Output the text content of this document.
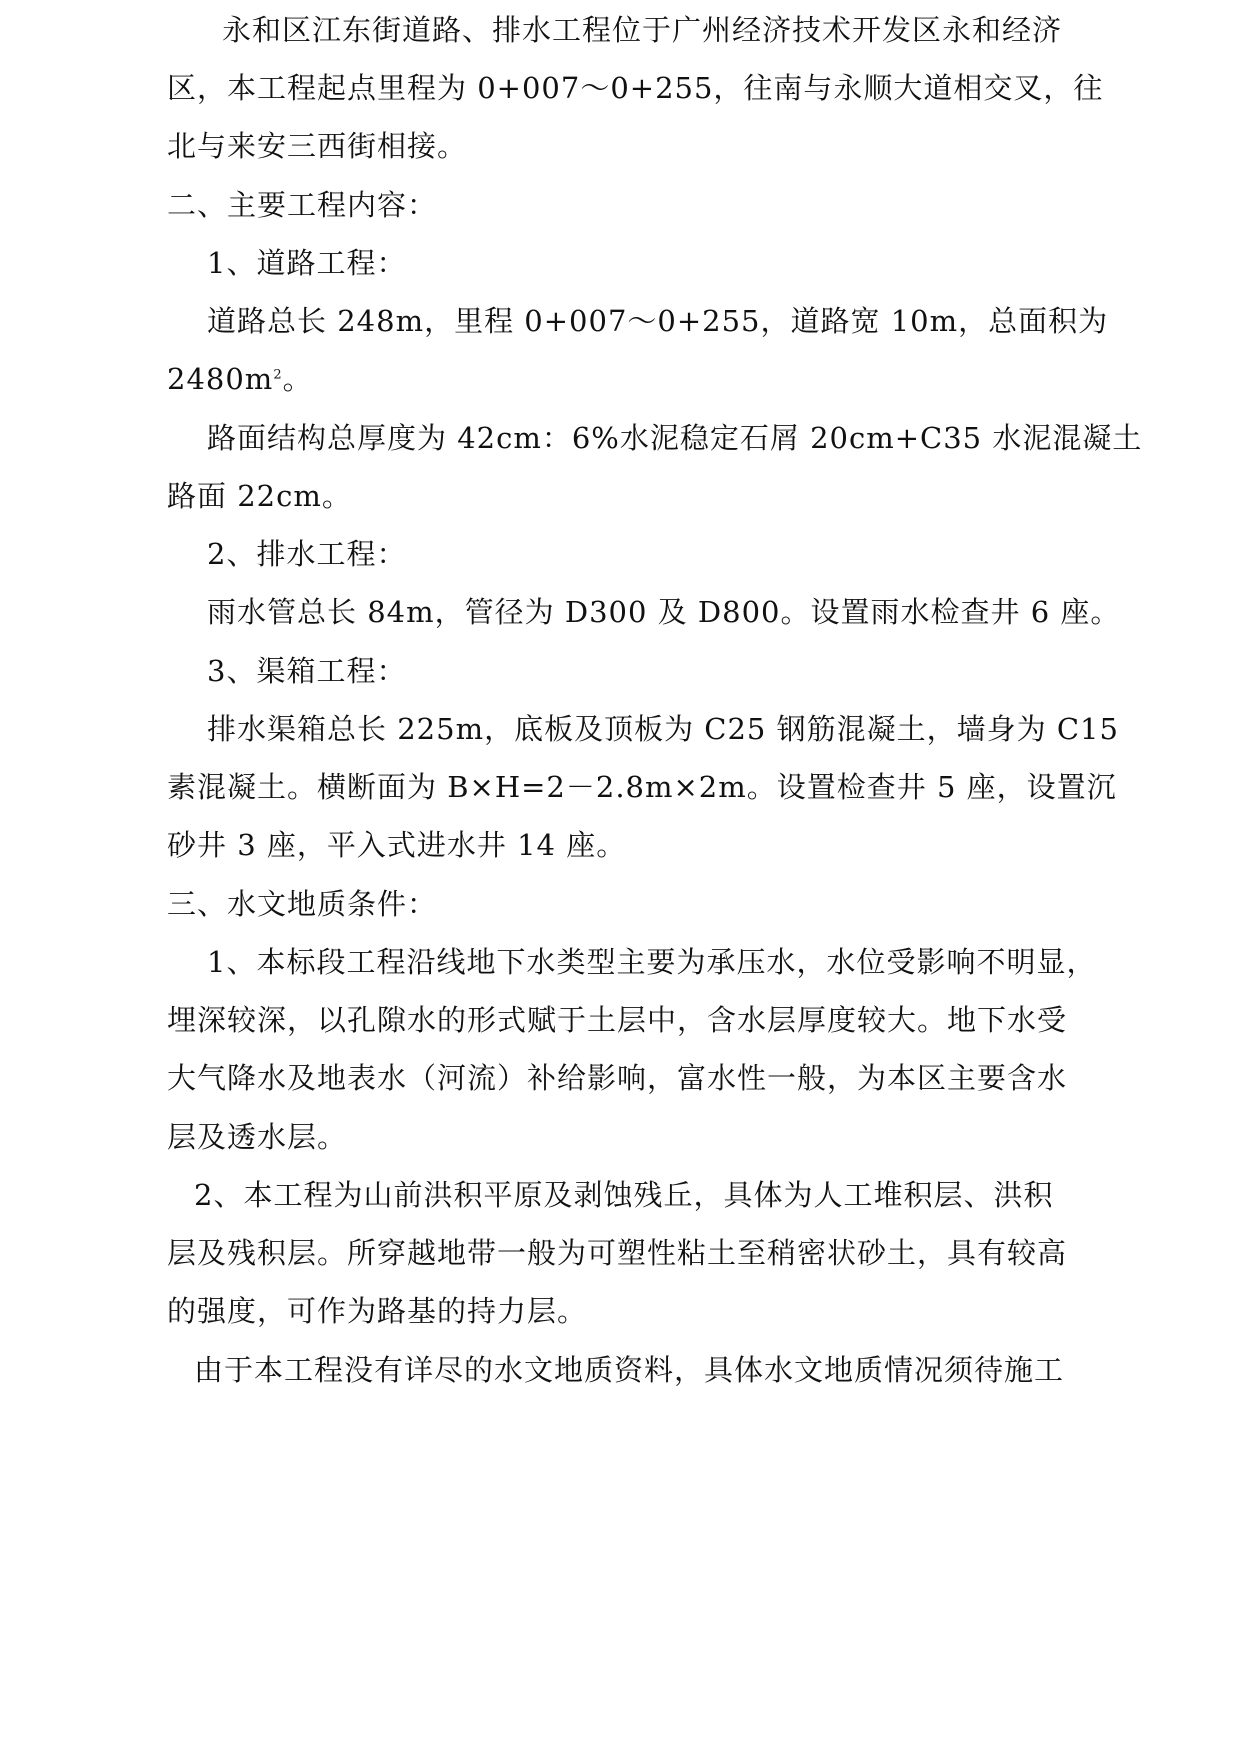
永和区江东街道路、排水工程位于广州经济技术开发区永和经济
区，本工程起点里程为 0+007～0+255，往南与永顺大道相交叉，往
北与来安三西街相接。
二、主要工程内容：
1、道路工程：
道路总长 248m，里程 0+007～0+255，道路宽 10m，总面积为
$2480m^2$。
路面结构总厚度为 42cm：6%水泥稳定石屑 20cm+C35 水泥混凝土
路面 22cm。
2、排水工程：
雨水管总长 84m，管径为 D300 及 D800。设置雨水检查井 6 座。
3、渠箱工程：
排水渠箱总长 225m，底板及顶板为 C25 钢筋混凝土，墙身为 C15
素混凝土。横断面为 B×H=2－2.8m×2m。设置检查井 5 座，设置沉
砂井 3 座，平入式进水井 14 座。
三、水文地质条件：
1、本标段工程沿线地下水类型主要为承压水，水位受影响不明显，
埋深较深，以孔隙水的形式赋于土层中，含水层厚度较大。地下水受
大气降水及地表水（河流）补给影响，富水性一般，为本区主要含水
层及透水层。
2、本工程为山前洪积平原及剥蚀残丘，具体为人工堆积层、洪积
层及残积层。所穿越地带一般为可塑性粘土至稍密状砂土，具有较高
的强度，可作为路基的持力层。
由于本工程没有详尽的水文地质资料，具体水文地质情况须待施工
